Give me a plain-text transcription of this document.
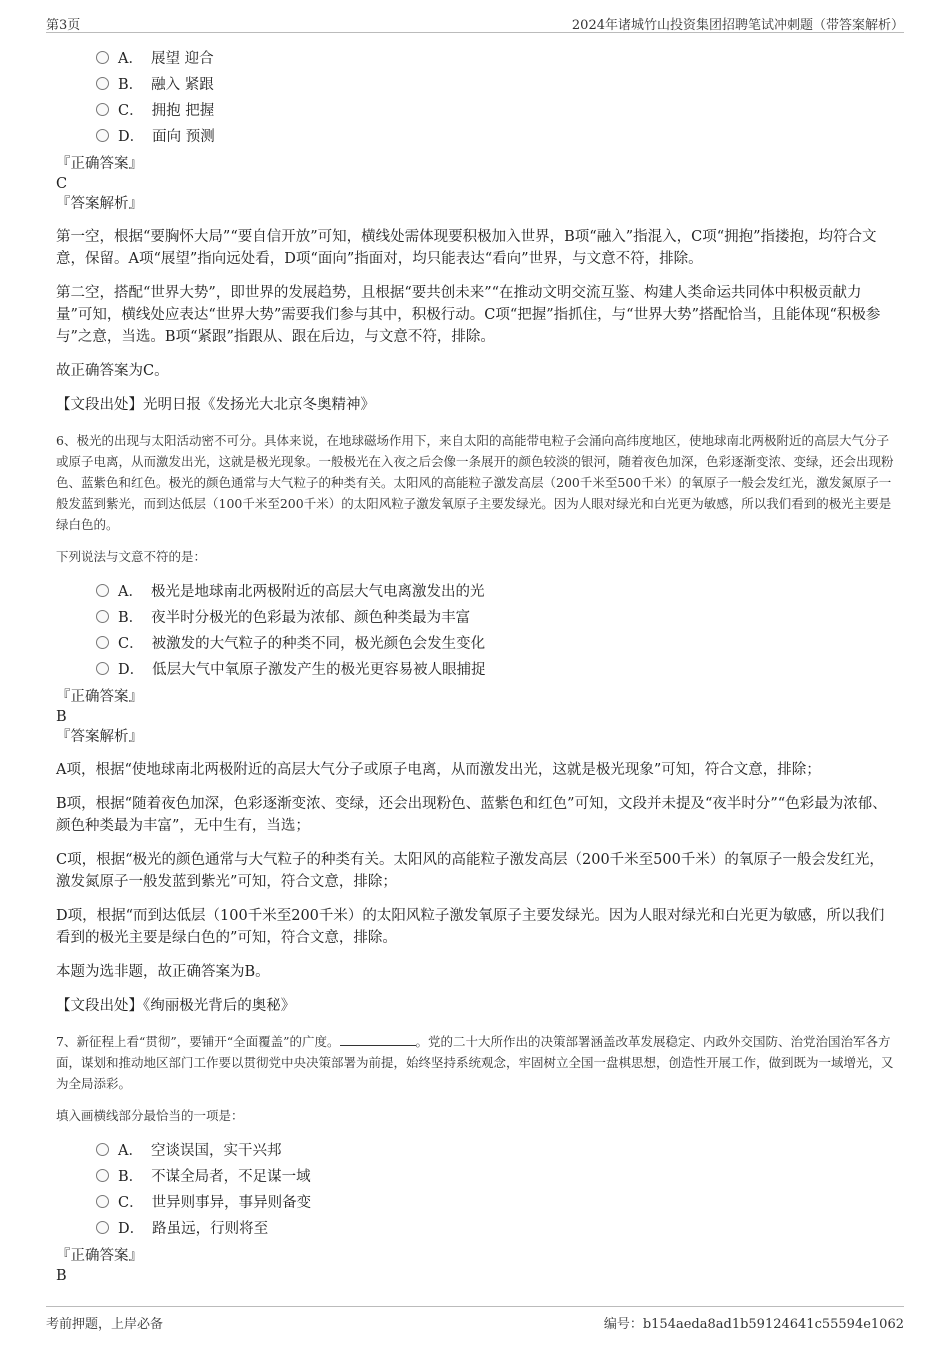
第3页	2024年诸城竹山投资集团招聘笔试冲刺题（带答案解析）
A． 展望 迎合
B． 融入 紧跟
C． 拥抱 把握
D． 面向 预测
『正确答案』
C
『答案解析』

第一空，根据“要胸怀大局”“要自信开放”可知，横线处需体现要积极加入世界，B项“融入”指混入，C项“拥抱”指搂抱，均符合文意，保留。A项“展望”指向远处看，D项“面向”指面对，均只能表达“看向”世界，与文意不符，排除。

第二空，搭配“世界大势”，即世界的发展趋势，且根据“要共创未来”“在推动文明交流互鉴、构建人类命运共同体中积极贡献力量”可知，横线处应表达“世界大势”需要我们参与其中，积极行动。C项“把握”指抓住，与“世界大势”搭配恰当，且能体现“积极参与”之意，当选。B项“紧跟”指跟从、跟在后边，与文意不符，排除。

故正确答案为C。

【文段出处】光明日报《发扬光大北京冬奥精神》

6、极光的出现与太阳活动密不可分。具体来说，在地球磁场作用下，来自太阳的高能带电粒子会涌向高纬度地区，使地球南北两极附近的高层大气分子或原子电离，从而激发出光，这就是极光现象。一般极光在入夜之后会像一条展开的颜色较淡的银河，随着夜色加深，色彩逐渐变浓、变绿，还会出现粉色、蓝紫色和红色。极光的颜色通常与大气粒子的种类有关。太阳风的高能粒子激发高层（200千米至500千米）的氧原子一般会发红光，激发氮原子一般发蓝到紫光，而到达低层（100千米至200千米）的太阳风粒子激发氧原子主要发绿光。因为人眼对绿光和白光更为敏感，所以我们看到的极光主要是绿白色的。
下列说法与文意不符的是：
A． 极光是地球南北两极附近的高层大气电离激发出的光
B． 夜半时分极光的色彩最为浓郁、颜色种类最为丰富
C． 被激发的大气粒子的种类不同，极光颜色会发生变化
D． 低层大气中氧原子激发产生的极光更容易被人眼捕捉
『正确答案』
B
『答案解析』

A项，根据“使地球南北两极附近的高层大气分子或原子电离，从而激发出光，这就是极光现象”可知，符合文意，排除；

B项，根据“随着夜色加深，色彩逐渐变浓、变绿，还会出现粉色、蓝紫色和红色”可知，文段并未提及“夜半时分”“色彩最为浓郁、颜色种类最为丰富”，无中生有，当选；

C项，根据“极光的颜色通常与大气粒子的种类有关。太阳风的高能粒子激发高层（200千米至500千米）的氧原子一般会发红光，激发氮原子一般发蓝到紫光”可知，符合文意，排除；

D项，根据“而到达低层（100千米至200千米）的太阳风粒子激发氧原子主要发绿光。因为人眼对绿光和白光更为敏感，所以我们看到的极光主要是绿白色的”可知，符合文意，排除。

本题为选非题，故正确答案为B。

【文段出处】《绚丽极光背后的奥秘》

7、新征程上看“贯彻”，要铺开“全面覆盖”的广度。	。党的二十大所作出的决策部署涵盖改革发展稳定、内政外交国防、治党治国治军各方面，谋划和推动地区部门工作要以贯彻党中央决策部署为前提，始终坚持系统观念，牢固树立全国一盘棋思想，创造性开展工作，做到既为一域增光，又为全局添彩。
填入画横线部分最恰当的一项是：
A． 空谈误国，实干兴邦
B． 不谋全局者，不足谋一域
C． 世异则事异，事异则备变
D． 路虽远，行则将至
『正确答案』
B
考前押题，上岸必备	编号：b154aeda8ad1b59124641c55594e1062
